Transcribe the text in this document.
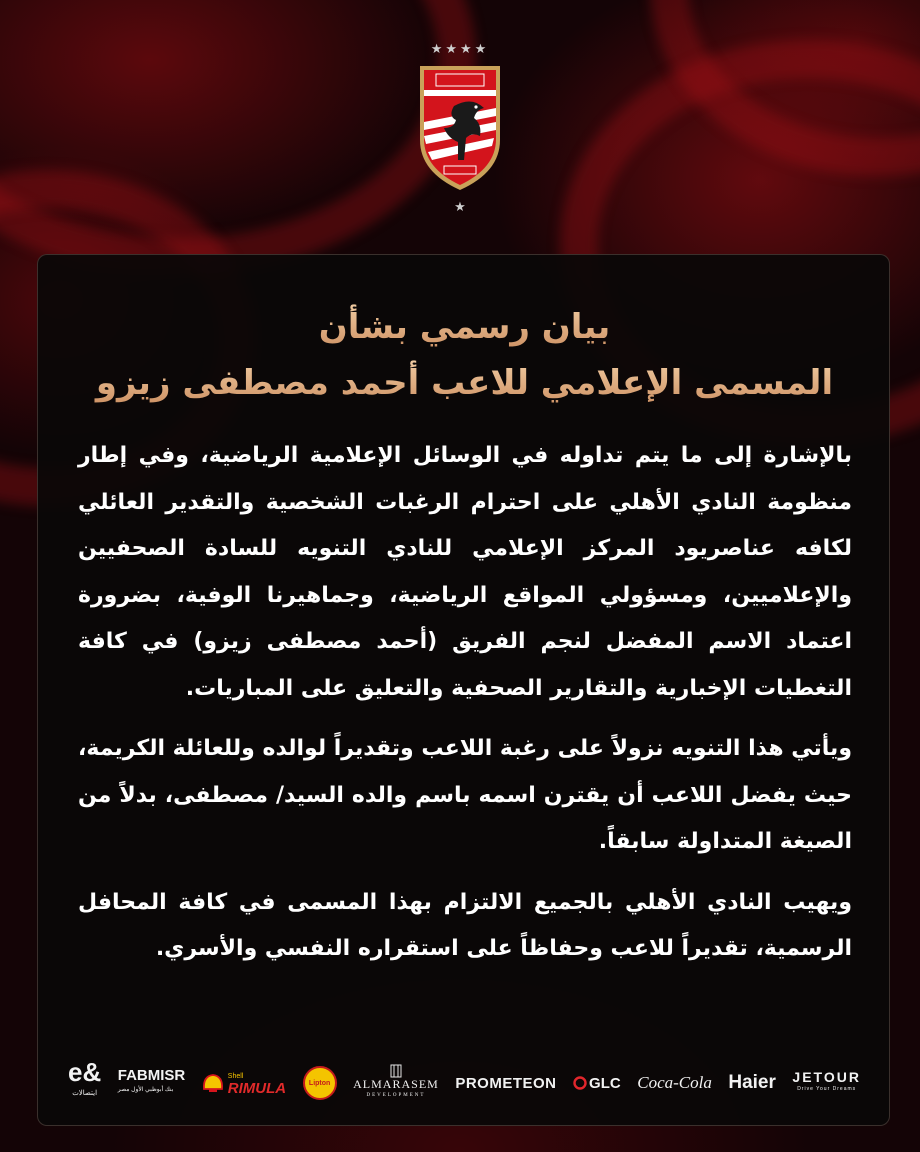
★★★★
★
بيان رسمي بشأن
المسمى الإعلامي للاعب أحمد مصطفى زيزو

بالإشارة إلى ما يتم تداوله في الوسائل الإعلامية الرياضية، وفي إطار منظومة النادي الأهلي على احترام الرغبات الشخصية والتقدير العائلي لكافه عناصريود المركز الإعلامي للنادي التنويه للسادة الصحفيين والإعلاميين، ومسؤولي المواقع الرياضية، وجماهيرنا الوفية، بضرورة اعتماد الاسم المفضل لنجم الفريق (أحمد مصطفى زيزو) في كافة التغطيات الإخبارية والتقارير الصحفية والتعليق على المباريات.

ويأتي هذا التنويه نزولاً على رغبة اللاعب وتقديراً لوالده وللعائلة الكريمة، حيث يفضل اللاعب أن يقترن اسمه باسم والده السيد/ مصطفى، بدلاً من الصيغة المتداولة سابقاً.

ويهيب النادي الأهلي بالجميع الالتزام بهذا المسمى في كافة المحافل الرسمية، تقديراً للاعب وحفاظاً على استقراره النفسي والأسري.

e&
ايتصالات
FABMISR
بنك أبوظبي الأول مصر
Shell
RIMULA	Lipton ALMARASEM
DEVELOPMENT
PROMETEON GLC Coca-Cola Haier JETOUR
Drive Your Dreams
